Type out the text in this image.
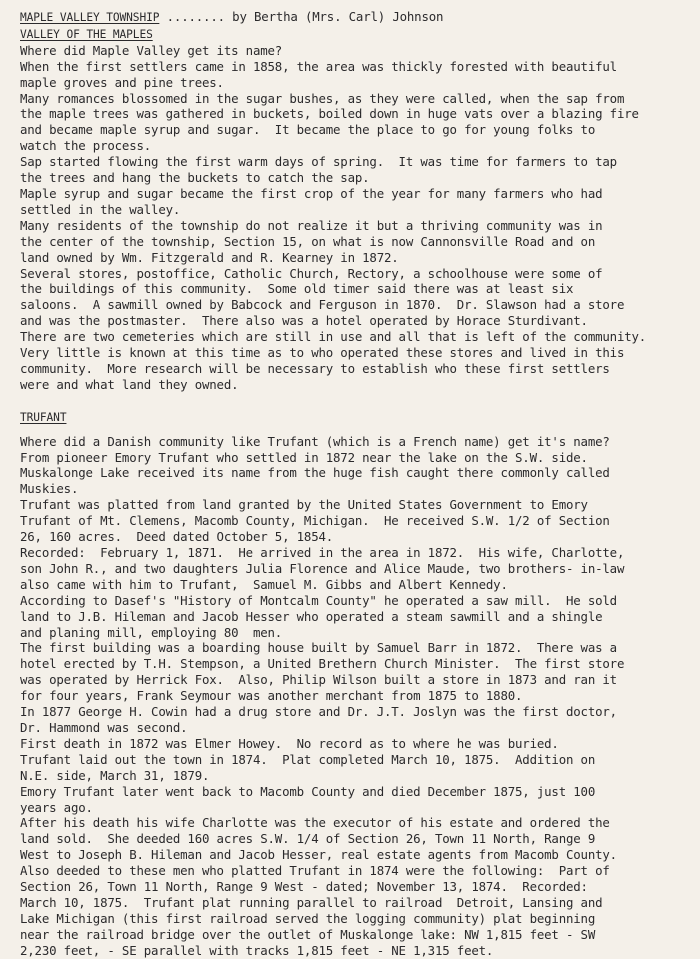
MAPLE VALLEY TOWNSHIP ........ by Bertha (Mrs. Carl) Johnson
VALLEY OF THE MAPLES
Where did Maple Valley get its name?
When the first settlers came in 1858, the area was thickly forested with beautiful
maple groves and pine trees.
Many romances blossomed in the sugar bushes, as they were called, when the sap from
the maple trees was gathered in buckets, boiled down in huge vats over a blazing fire
and became maple syrup and sugar.  It became the place to go for young folks to
watch the process.
Sap started flowing the first warm days of spring.  It was time for farmers to tap
the trees and hang the buckets to catch the sap.
Maple syrup and sugar became the first crop of the year for many farmers who had
settled in the walley.
Many residents of the township do not realize it but a thriving community was in
the center of the township, Section 15, on what is now Cannonsville Road and on
land owned by Wm. Fitzgerald and R. Kearney in 1872.
Several stores, postoffice, Catholic Church, Rectory, a schoolhouse were some of
the buildings of this community.  Some old timer said there was at least six
saloons.  A sawmill owned by Babcock and Ferguson in 1870.  Dr. Slawson had a store
and was the postmaster.  There also was a hotel operated by Horace Sturdivant.
There are two cemeteries which are still in use and all that is left of the community.
Very little is known at this time as to who operated these stores and lived in this
community.  More research will be necessary to establish who these first settlers
were and what land they owned.
TRUFANT
Where did a Danish community like Trufant (which is a French name) get it's name?
From pioneer Emory Trufant who settled in 1872 near the lake on the S.W. side.
Muskalonge Lake received its name from the huge fish caught there commonly called
Muskies.
Trufant was platted from land granted by the United States Government to Emory
Trufant of Mt. Clemens, Macomb County, Michigan.  He received S.W. 1/2 of Section
26, 160 acres.  Deed dated October 5, 1854.
Recorded:  February 1, 1871.  He arrived in the area in 1872.  His wife, Charlotte,
son John R., and two daughters Julia Florence and Alice Maude, two brothers- in-law
also came with him to Trufant,  Samuel M. Gibbs and Albert Kennedy.
According to Dasef's "History of Montcalm County" he operated a saw mill.  He sold
land to J.B. Hileman and Jacob Hesser who operated a steam sawmill and a shingle
and planing mill, employing 80  men.
The first building was a boarding house built by Samuel Barr in 1872.  There was a
hotel erected by T.H. Stempson, a United Brethern Church Minister.  The first store
was operated by Herrick Fox.  Also, Philip Wilson built a store in 1873 and ran it
for four years, Frank Seymour was another merchant from 1875 to 1880.
In 1877 George H. Cowin had a drug store and Dr. J.T. Joslyn was the first doctor,
Dr. Hammond was second.
First death in 1872 was Elmer Howey.  No record as to where he was buried.
Trufant laid out the town in 1874.  Plat completed March 10, 1875.  Addition on
N.E. side, March 31, 1879.
Emory Trufant later went back to Macomb County and died December 1875, just 100
years ago.
After his death his wife Charlotte was the executor of his estate and ordered the
land sold.  She deeded 160 acres S.W. 1/4 of Section 26, Town 11 North, Range 9
West to Joseph B. Hileman and Jacob Hesser, real estate agents from Macomb County.
Also deeded to these men who platted Trufant in 1874 were the following:  Part of
Section 26, Town 11 North, Range 9 West - dated; November 13, 1874.  Recorded:
March 10, 1875.  Trufant plat running parallel to railroad  Detroit, Lansing and
Lake Michigan (this first railroad served the logging community) plat beginning
near the railroad bridge over the outlet of Muskalonge lake: NW 1,815 feet - SW
2,230 feet, - SE parallel with tracks 1,815 feet - NE 1,315 feet.
